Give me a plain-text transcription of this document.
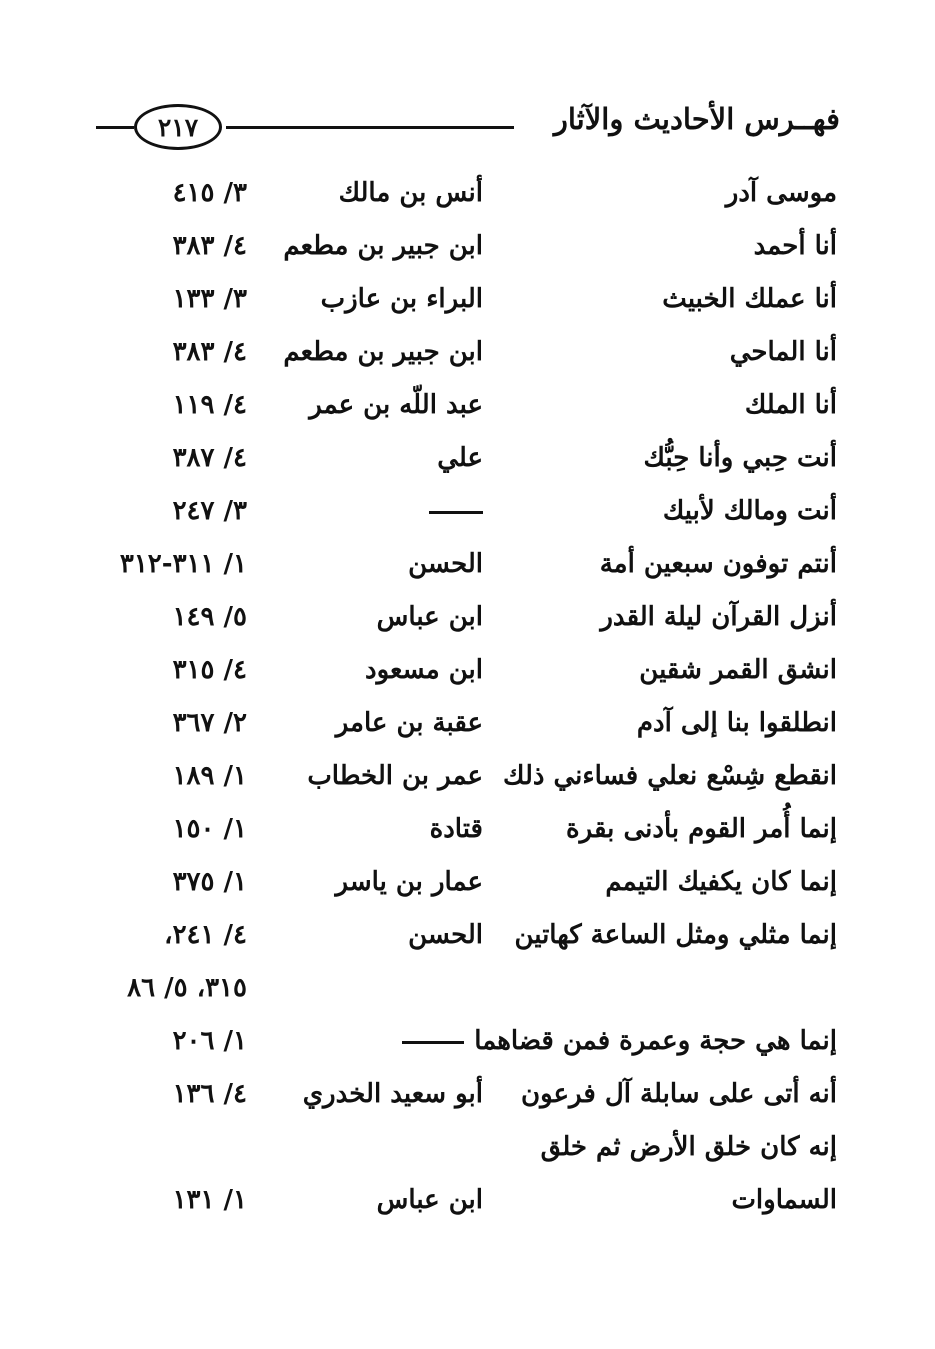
٢١٧	فهــرس الأحاديث والآثار
موسى آدر
أنس بن مالك
٣/ ٤١٥
أنا أحمد
ابن جبير بن مطعم
٤/ ٣٨٣
أنا عملك الخبيث
البراء بن عازب
٣/ ١٣٣
أنا الماحي
ابن جبير بن مطعم
٤/ ٣٨٣
أنا الملك
عبد اللّه بن عمر
٤/ ١١٩
أنت حِبي وأنا حِبُّك
علي
٤/ ٣٨٧
أنت ومالك لأبيك
٣/ ٢٤٧
أنتم توفون سبعين أمة
الحسن
١/ ٣١١-٣١٢
أنزل القرآن ليلة القدر
ابن عباس
٥/ ١٤٩
انشق القمر شقين
ابن مسعود
٤/ ٣١٥
انطلقوا بنا إلى آدم
عقبة بن عامر
٢/ ٣٦٧
انقطع شِسْع نعلي فساءني ذلك
عمر بن الخطاب
١/ ١٨٩
إنما أُمر القوم بأدنى بقرة
قتادة
١/ ١٥٠
إنما كان يكفيك التيمم
عمار بن ياسر
١/ ٣٧٥
إنما مثلي ومثل الساعة كهاتين
الحسن
٤/ ٢٤١،
٣١٥، ٥/ ٨٦
إنما هي حجة وعمرة فمن قضاهما
١/ ٢٠٦
أنه أتى على سابلة آل فرعون
أبو سعيد الخدري
٤/ ١٣٦
إنه كان خلق الأرض ثم خلق
السماوات
ابن عباس
١/ ١٣١
